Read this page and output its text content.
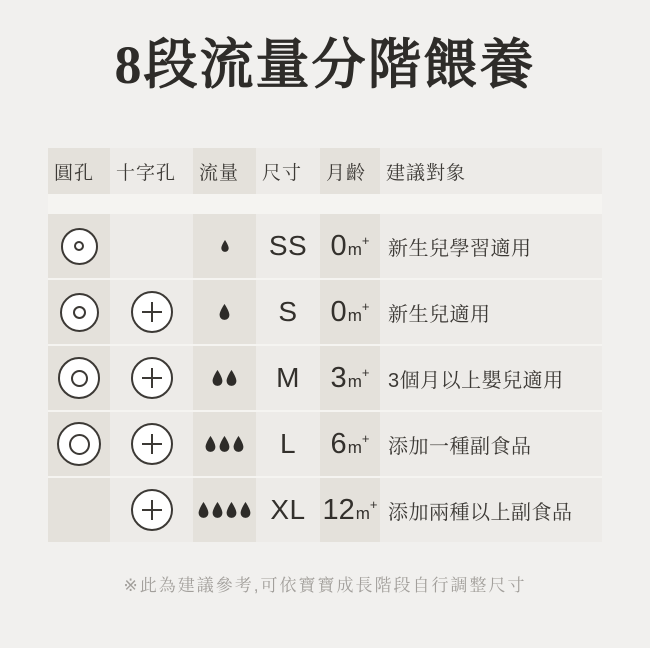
8段流量分階餵養
圓孔	十字孔	流量	尺寸	月齡	建議對象
SS 0 m + 新生兒學習適用
S 0 m + 新生兒適用
M 3 m + 3個月以上嬰兒適用
L 6 m + 添加一種副食品
XL 12 m + 添加兩種以上副食品
※此為建議參考,可依寶寶成長階段自行調整尺寸
